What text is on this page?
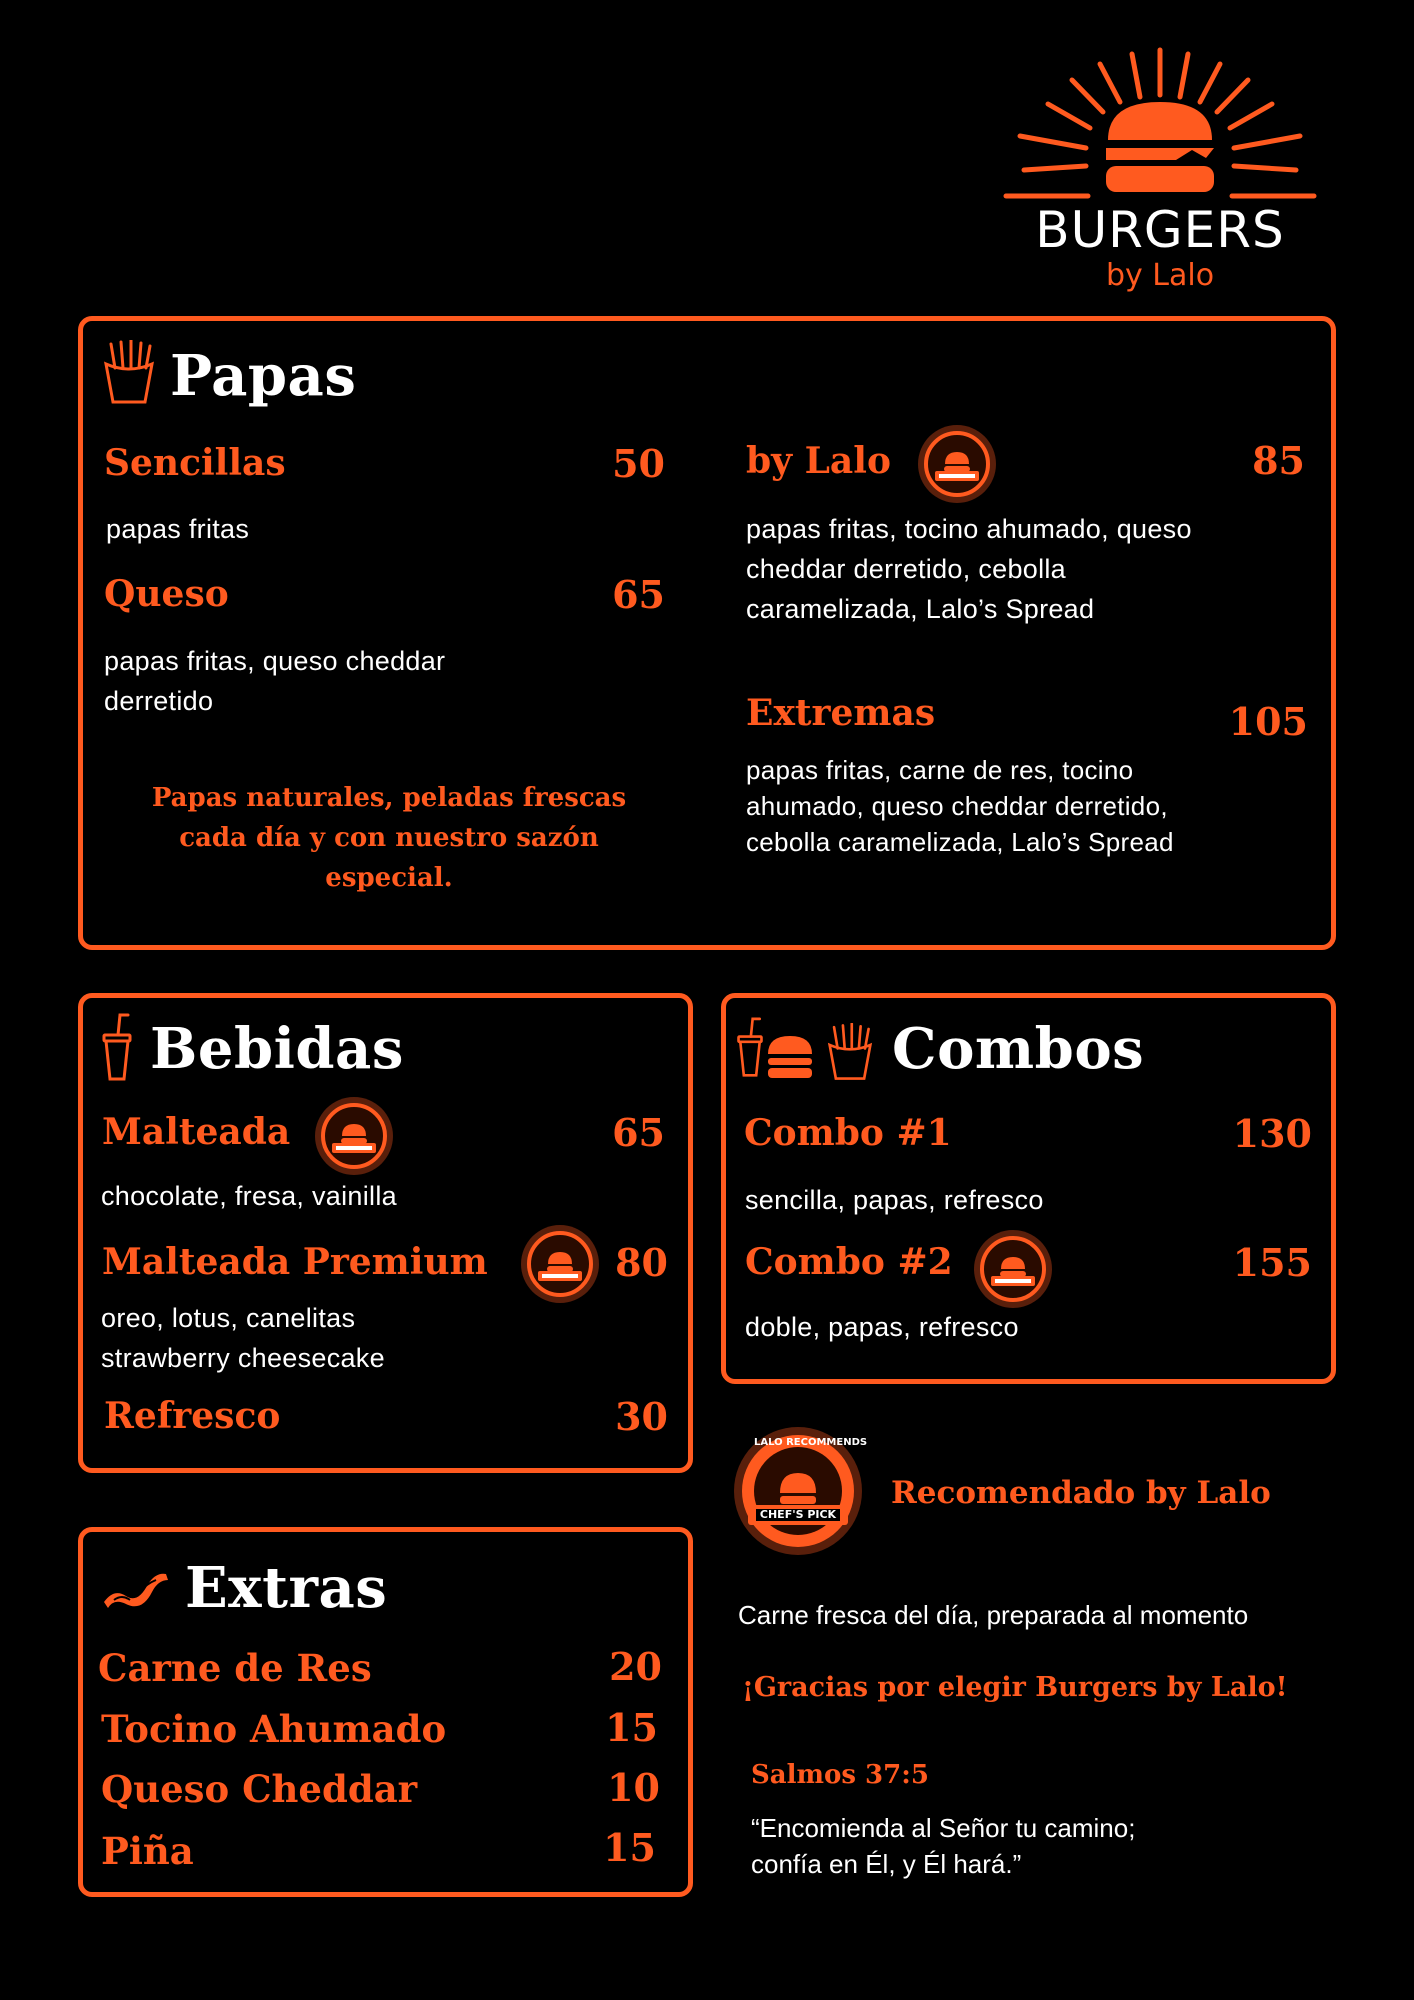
BURGERS
by Lalo
Papas
Sencillas	50
papas fritas
Queso	65
papas fritas, queso cheddar derretido
Papas naturales, peladas frescas cada día y con nuestro sazón especial.
by Lalo	85
papas fritas, tocino ahumado, queso cheddar derretido, cebolla caramelizada, Lalo’s Spread
Extremas	105
papas fritas, carne de res, tocino ahumado, queso cheddar derretido, cebolla caramelizada, Lalo’s Spread
Bebidas
Malteada	65
chocolate, fresa, vainilla
Malteada Premium	80
oreo, lotus, canelitas strawberry cheesecake
Refresco	30
Combos
Combo #1	130
sencilla, papas, refresco
Combo #2	155
doble, papas, refresco
Extras
Carne de Res	20
Tocino Ahumado	15
Queso Cheddar	10
Piña	15
LALO RECOMMENDS
CHEF'S PICK
Recomendado by Lalo
Carne fresca del día, preparada al momento
¡Gracias por elegir Burgers by Lalo!
Salmos 37:5
“Encomienda al Señor tu camino;
confía en Él, y Él hará.”
